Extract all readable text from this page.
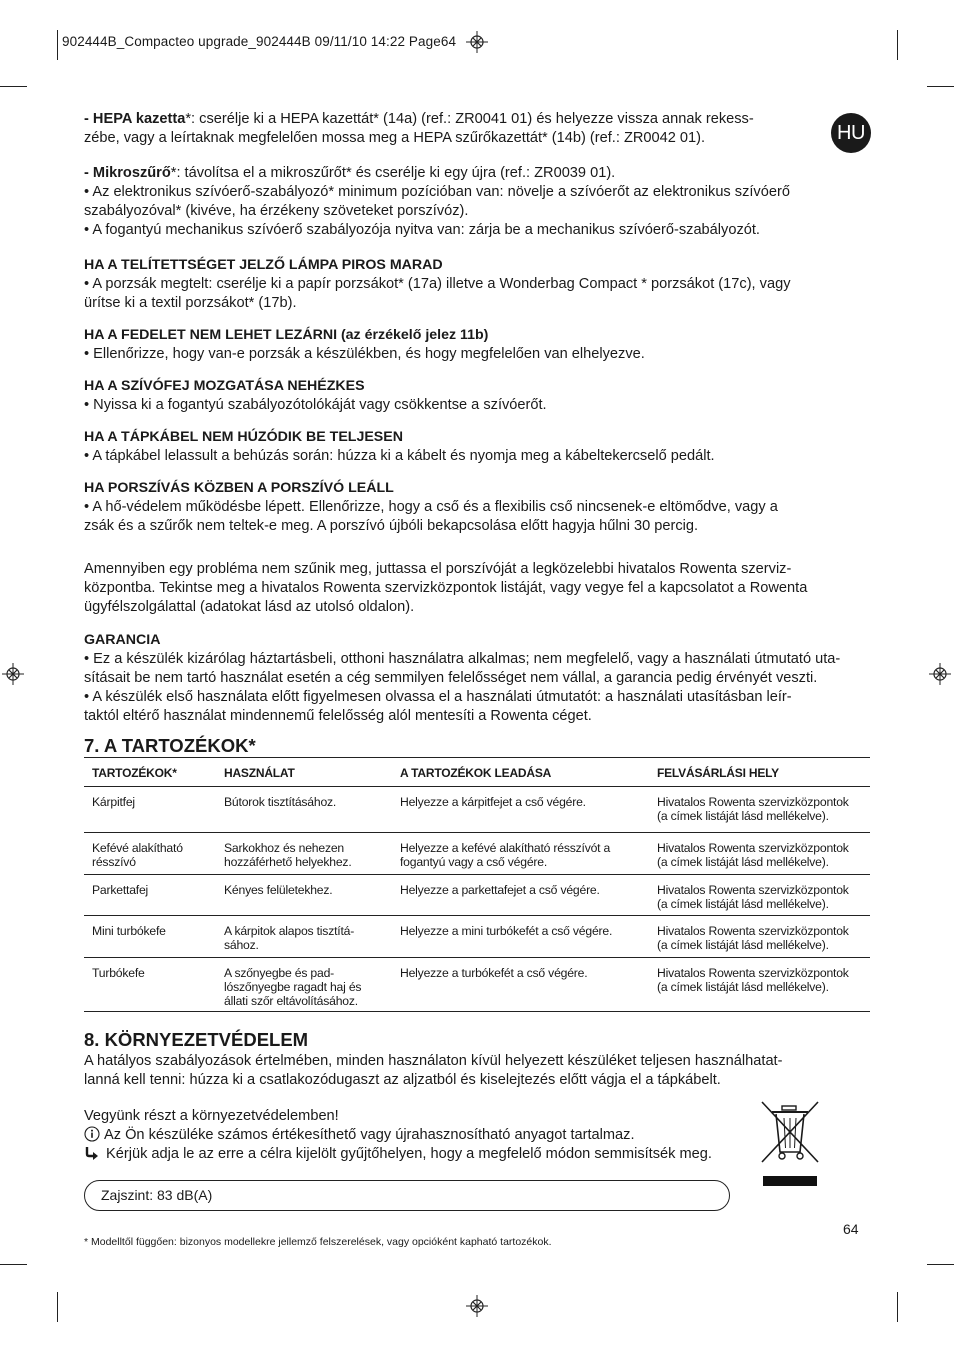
902444B_Compacteo upgrade_902444B 09/11/10 14:22 Page64
HU
- HEPA kazetta*: cserélje ki a HEPA kazettát* (14a) (ref.: ZR0041 01) és helyezze vissza annak rekess-
zébe, vagy a leírtaknak megfelelően mossa meg a HEPA szűrőkazettát* (14b) (ref.: ZR0042 01).
- Mikroszűrő*: távolítsa el a mikroszűrőt* és cserélje ki egy újra (ref.: ZR0039 01).
• Az elektronikus szívóerő-szabályozó* minimum pozícióban van: növelje a szívóerőt az elektronikus szívóerő
szabályozóval* (kivéve, ha érzékeny szöveteket porszívóz).
• A fogantyú mechanikus szívóerő szabályozója nyitva van: zárja be a mechanikus szívóerő-szabályozót.
HA A TELÍTETTSÉGET JELZŐ LÁMPA PIROS MARAD
• A porzsák megtelt: cserélje ki a papír porzsákot* (17a) illetve a Wonderbag Compact * porzsákot (17c), vagy
ürítse ki a textil porzsákot* (17b).
HA A FEDELET NEM LEHET LEZÁRNI (az érzékelő jelez 11b)
• Ellenőrizze, hogy van-e porzsák a készülékben, és hogy megfelelően van elhelyezve.
HA A SZÍVÓFEJ MOZGATÁSA NEHÉZKES
• Nyissa ki a fogantyú szabályozótolókáját vagy csökkentse a szívóerőt.
HA A TÁPKÁBEL NEM HÚZÓDIK BE TELJESEN
• A tápkábel lelassult a behúzás során: húzza ki a kábelt és nyomja meg a kábeltekercselő pedált.
HA PORSZÍVÁS KÖZBEN A PORSZÍVÓ LEÁLL
• A hő-védelem működésbe lépett. Ellenőrizze, hogy a cső és a flexibilis cső nincsenek-e eltömődve, vagy a
zsák és a szűrők nem teltek-e meg. A porszívó újbóli bekapcsolása előtt hagyja hűlni 30 percig.
Amennyiben egy probléma nem szűnik meg, juttassa el porszívóját a legközelebbi hivatalos Rowenta szerviz-
központba. Tekintse meg a hivatalos Rowenta szervizközpontok listáját, vagy vegye fel a kapcsolatot a Rowenta
ügyfélszolgálattal (adatokat lásd az utolsó oldalon).
GARANCIA
• Ez a készülék kizárólag háztartásbeli, otthoni használatra alkalmas; nem megfelelő, vagy a használati útmutató uta-
sításait be nem tartó használat esetén a cég semmilyen felelősséget nem vállal, a garancia pedig érvényét veszti.
• A készülék első használata előtt figyelmesen olvassa el a használati útmutatót: a használati utasításban leír-
taktól eltérő használat mindennemű felelősség alól mentesíti a Rowenta céget.
7. A TARTOZÉKOK*
TARTOZÉKOK*	HASZNÁLAT	A TARTOZÉKOK LEADÁSA	FELVÁSÁRLÁSI HELY

Kárpitfej	Bútorok tisztításához.	Helyezze a kárpitfejet a cső végére.	Hivatalos Rowenta szervizközpontok
(a címek listáját lásd mellékelve).

Kefévé alakítható
résszívó	Sarkokhoz és nehezen
hozzáférhető helyekhez.	Helyezze a kefévé alakítható résszívót a
fogantyú vagy a cső végére.	Hivatalos Rowenta szervizközpontok
(a címek listáját lásd mellékelve).

Parkettafej	Kényes felületekhez.	Helyezze a parkettafejet a cső végére.	Hivatalos Rowenta szervizközpontok
(a címek listáját lásd mellékelve).

Mini turbókefe	A kárpitok alapos tisztítá-
sához.	Helyezze a mini turbókefét a cső végére.	Hivatalos Rowenta szervizközpontok
(a címek listáját lásd mellékelve).

Turbókefe	A szőnyegbe és pad-
lószőnyegbe ragadt haj és
állati szőr eltávolításához.	Helyezze a turbókefét a cső végére.	Hivatalos Rowenta szervizközpontok
(a címek listáját lásd mellékelve).
8. KÖRNYEZETVÉDELEM
A hatályos szabályozások értelmében, minden használaton kívül helyezett készüléket teljesen használhatat-
lanná kell tenni: húzza ki a csatlakozódugaszt az aljzatból és kiselejtezés előtt vágja el a tápkábelt.
Vegyünk részt a környezetvédelemben!
Az Ön készüléke számos értékesíthető vagy újrahasznosítható anyagot tartalmaz.
Kérjük adja le az erre a célra kijelölt gyűjtőhelyen, hogy a megfelelő módon semmisítsék meg.
Zajszint: 83 dB(A)
64
* Modelltől függően: bizonyos modellekre jellemző felszerelések, vagy opcióként kapható tartozékok.
